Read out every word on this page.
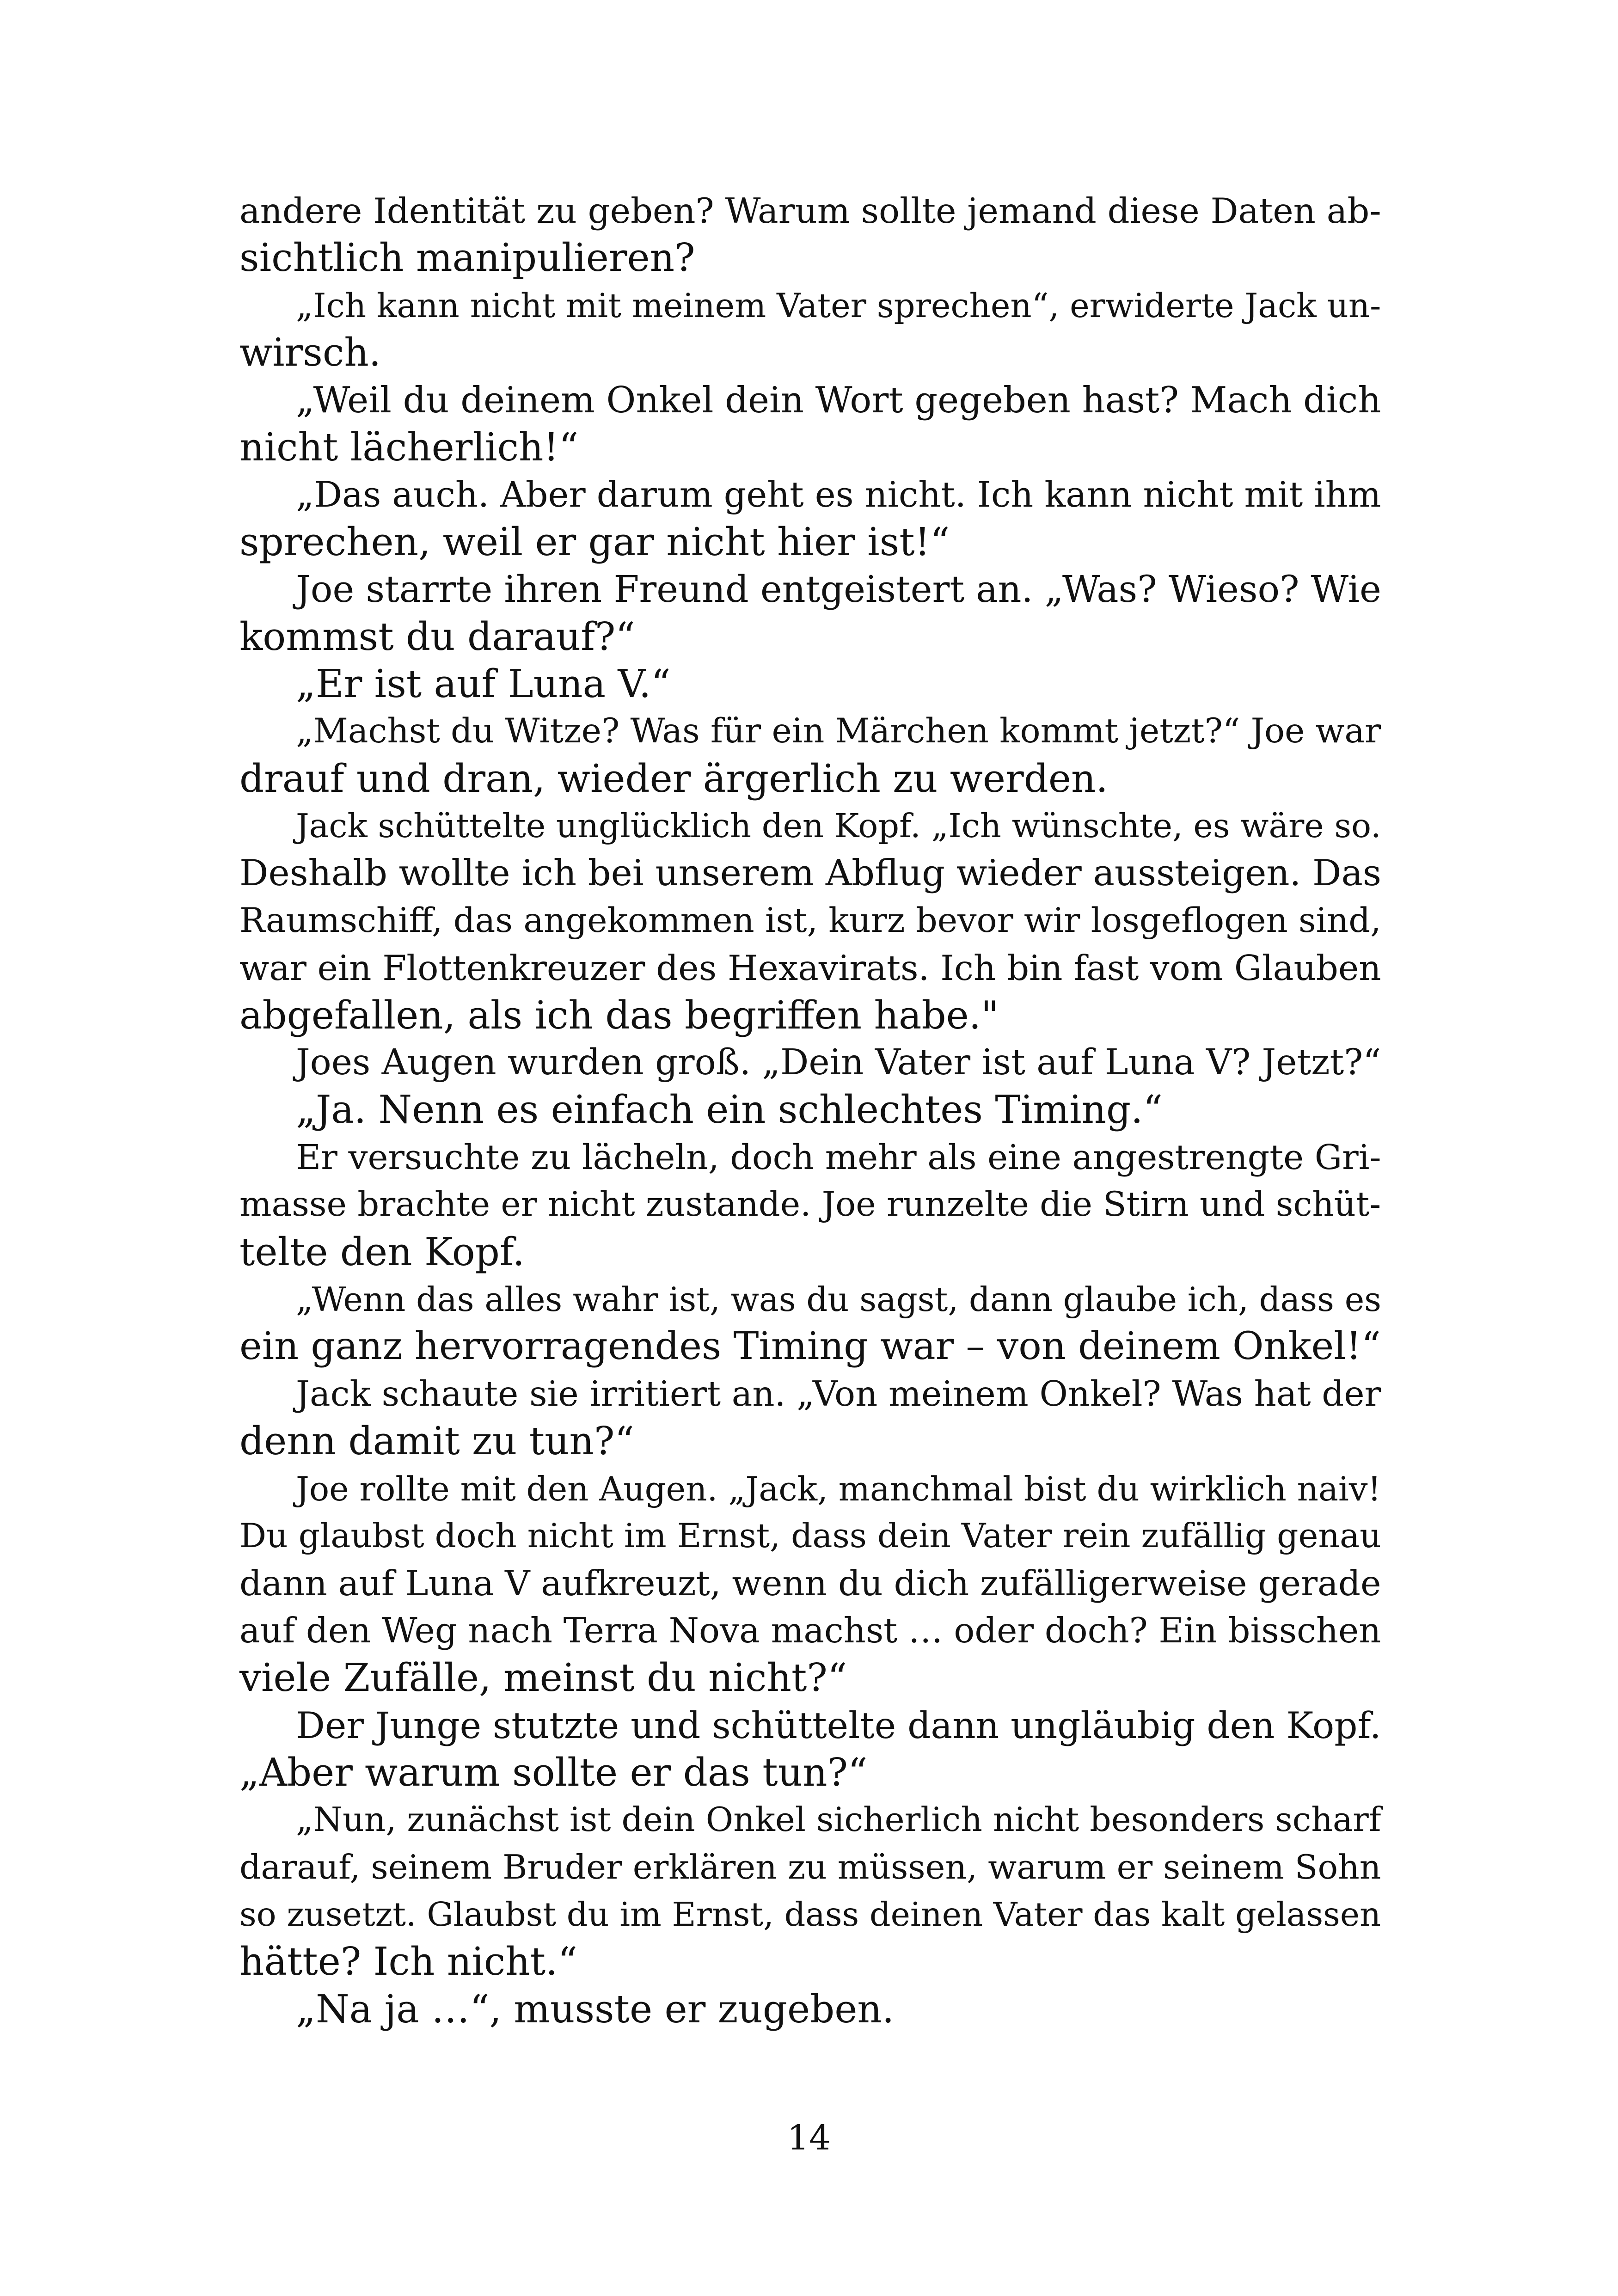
andere Identität zu geben? Warum sollte jemand diese Daten ab-
sichtlich manipulieren?
„Ich kann nicht mit meinem Vater sprechen“, erwiderte Jack un-
wirsch.
„Weil du deinem Onkel dein Wort gegeben hast? Mach dich
nicht lächerlich!“
„Das auch. Aber darum geht es nicht. Ich kann nicht mit ihm
sprechen, weil er gar nicht hier ist!“
Joe starrte ihren Freund entgeistert an. „Was? Wieso? Wie
kommst du darauf?“
„Er ist auf Luna V.“
„Machst du Witze? Was für ein Märchen kommt jetzt?“ Joe war
drauf und dran, wieder ärgerlich zu werden.
Jack schüttelte unglücklich den Kopf. „Ich wünschte, es wäre so.
Deshalb wollte ich bei unserem Abflug wieder aussteigen. Das
Raumschiff, das angekommen ist, kurz bevor wir losgeflogen sind,
war ein Flottenkreuzer des Hexavirats. Ich bin fast vom Glauben
abgefallen, als ich das begriffen habe."
Joes Augen wurden groß. „Dein Vater ist auf Luna V? Jetzt?“
„Ja. Nenn es einfach ein schlechtes Timing.“
Er versuchte zu lächeln, doch mehr als eine angestrengte Gri-
masse brachte er nicht zustande. Joe runzelte die Stirn und schüt-
telte den Kopf.
„Wenn das alles wahr ist, was du sagst, dann glaube ich, dass es
ein ganz hervorragendes Timing war – von deinem Onkel!“
Jack schaute sie irritiert an. „Von meinem Onkel? Was hat der
denn damit zu tun?“
Joe rollte mit den Augen. „Jack, manchmal bist du wirklich naiv!
Du glaubst doch nicht im Ernst, dass dein Vater rein zufällig genau
dann auf Luna V aufkreuzt, wenn du dich zufälligerweise gerade
auf den Weg nach Terra Nova machst … oder doch? Ein bisschen
viele Zufälle, meinst du nicht?“
Der Junge stutzte und schüttelte dann ungläubig den Kopf.
„Aber warum sollte er das tun?“
„Nun, zunächst ist dein Onkel sicherlich nicht besonders scharf
darauf, seinem Bruder erklären zu müssen, warum er seinem Sohn
so zusetzt. Glaubst du im Ernst, dass deinen Vater das kalt gelassen
hätte? Ich nicht.“
„Na ja …“, musste er zugeben.
14
